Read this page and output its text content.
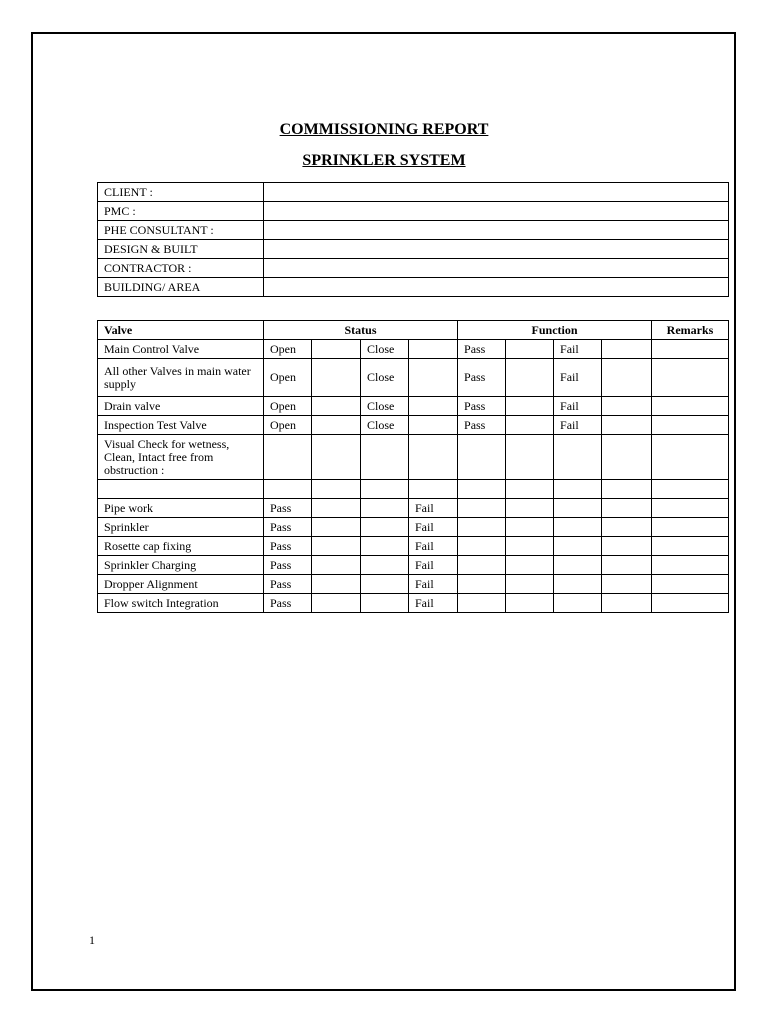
COMMISSIONING REPORT
SPRINKLER SYSTEM
CLIENT :	
PMC :	
PHE CONSULTANT :	
DESIGN & BUILT	
CONTRACTOR :	
BUILDING/ AREA	
Valve	Status				Function				Remarks
Main Control Valve	Open		Close		Pass		Fail		
All other Valves in main water supply	Open		Close		Pass		Fail		
Drain valve	Open		Close		Pass		Fail		
Inspection Test Valve	Open		Close		Pass		Fail		
Visual Check for wetness, Clean, Intact free from obstruction :									

Pipe work	Pass			Fail					
Sprinkler	Pass			Fail					
Rosette cap fixing	Pass			Fail					
Sprinkler Charging	Pass			Fail					
Dropper Alignment	Pass			Fail					
Flow switch Integration	Pass			Fail					
1
